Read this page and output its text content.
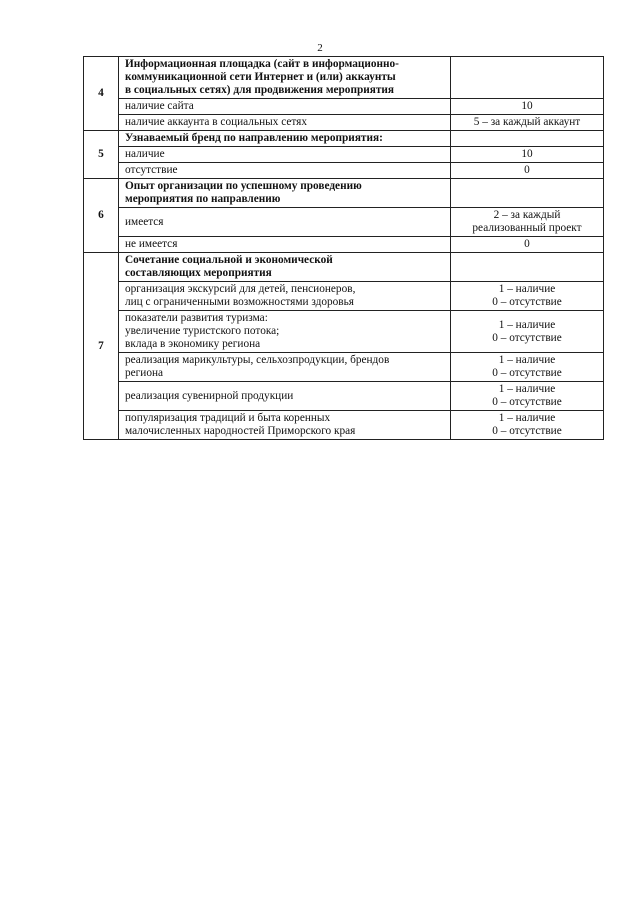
2
4	Информационная площадка (сайт в информационно-
коммуникационной сети Интернет и (или) аккаунты
в социальных сетях) для продвижения мероприятия	

	наличие сайта	10

	наличие аккаунта в социальных сетях	5 – за каждый аккаунт

5	Узнаваемый бренд по направлению мероприятия:	

	наличие	10

	отсутствие	0

6	Опыт организации по успешному проведению
мероприятия по направлению	

	имеется	2 – за каждый
реализованный проект

	не имеется	0

7	Сочетание социальной и экономической
составляющих мероприятия	

	организация экскурсий для детей, пенсионеров,
лиц с ограниченными возможностями здоровья	1 – наличие
0 – отсутствие

	показатели развития туризма:
увеличение туристского потока;
вклада в экономику региона	1 – наличие
0 – отсутствие

	реализация марикультуры, сельхозпродукции, брендов
региона	1 – наличие
0 – отсутствие

	реализация сувенирной продукции	1 – наличие
0 – отсутствие

	популяризация традиций и быта коренных
малочисленных народностей Приморского края	1 – наличие
0 – отсутствие
